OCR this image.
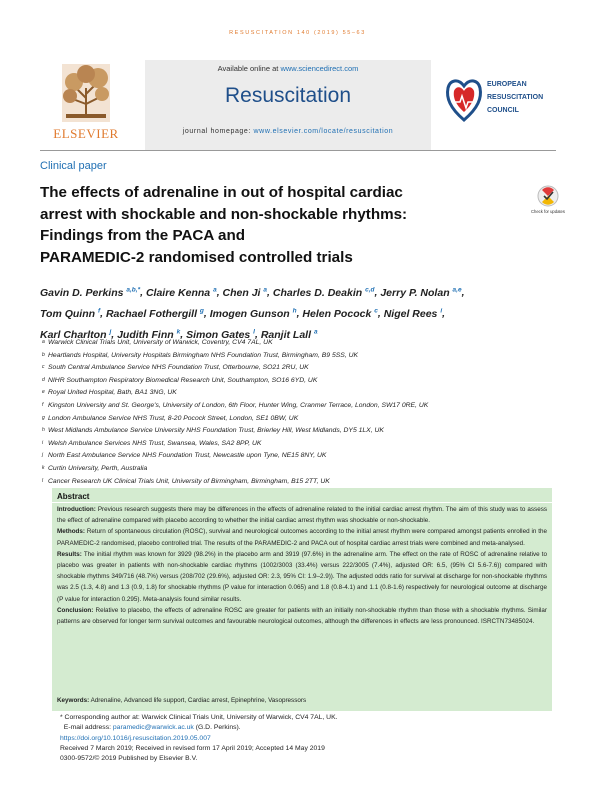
RESUSCITATION 140 (2019) 55–63
ELSEVIER
Available online at www.sciencedirect.com
Resuscitation
journal homepage: www.elsevier.com/locate/resuscitation
EUROPEAN
RESUSCITATION
COUNCIL
Clinical paper
The effects of adrenaline in out of hospital cardiac
arrest with shockable and non-shockable rhythms:
Findings from the PACA and
PARAMEDIC-2 randomised controlled trials
Check for updates
Gavin D. Perkins $^{a,b,*}$, Claire Kenna $^a$, Chen Ji $^a$, Charles D. Deakin $^{c,d}$, Jerry P. Nolan $^{a,e}$,
Tom Quinn $^f$, Rachael Fothergill $^g$, Imogen Gunson $^h$, Helen Pocock $^c$, Nigel Rees $^i$,
Karl Charlton $^j$, Judith Finn $^k$, Simon Gates $^l$, Ranjit Lall $^a$
a Warwick Clinical Trials Unit, University of Warwick, Coventry, CV4 7AL, UK
b Heartlands Hospital, University Hospitals Birmingham NHS Foundation Trust, Birmingham, B9 5SS, UK
c South Central Ambulance Service NHS Foundation Trust, Otterbourne, SO21 2RU, UK
d NIHR Southampton Respiratory Biomedical Research Unit, Southampton, SO16 6YD, UK
e Royal United Hospital, Bath, BA1 3NG, UK
f Kingston University and St. George's, University of London, 6th Floor, Hunter Wing, Cranmer Terrace, London, SW17 0RE, UK
g London Ambulance Service NHS Trust, 8-20 Pocock Street, London, SE1 0BW, UK
h West Midlands Ambulance Service University NHS Foundation Trust, Brierley Hill, West Midlands, DY5 1LX, UK
i Welsh Ambulance Services NHS Trust, Swansea, Wales, SA2 8PP, UK
j North East Ambulance Service NHS Foundation Trust, Newcastle upon Tyne, NE15 8NY, UK
k Curtin University, Perth, Australia
l Cancer Research UK Clinical Trials Unit, University of Birmingham, Birmingham, B15 2TT, UK
Abstract
Introduction: Previous research suggests there may be differences in the effects of adrenaline related to the initial cardiac arrest rhythm. The aim of this study was to assess the effect of adrenaline compared with placebo according to whether the initial cardiac arrest rhythm was shockable or non-shockable.
Methods: Return of spontaneous circulation (ROSC), survival and neurological outcomes according to the initial arrest rhythm were compared amongst patients enrolled in the PARAMEDIC-2 randomised, placebo controlled trial. The results of the PARAMEDIC-2 and PACA out of hospital cardiac arrest trials were combined and meta-analysed.
Results: The initial rhythm was known for 3929 (98.2%) in the placebo arm and 3919 (97.6%) in the adrenaline arm. The effect on the rate of ROSC of adrenaline relative to placebo was greater in patients with non-shockable cardiac rhythms (1002/3003 (33.4%) versus 222/3005 (7.4%), adjusted OR: 6.5, (95% CI 5.6-7.6)) compared with shockable rhythms 349/716 (48.7%) versus (208/702 (29.6%), adjusted OR: 2.3, 95% CI: 1.9–2.9)). The adjusted odds ratio for survival at discharge for non-shockable rhythms was 2.5 (1.3, 4.8) and 1.3 (0.9, 1.8) for shockable rhythms (P value for interaction 0.065) and 1.8 (0.8-4.1) and 1.1 (0.8-1.6) respectively for neurological outcome at discharge (P value for interaction 0.295). Meta-analysis found similar results.
Conclusion: Relative to placebo, the effects of adrenaline ROSC are greater for patients with an initially non-shockable rhythm than those with a shockable rhythms. Similar patterns are observed for longer term survival outcomes and favourable neurological outcomes, although the differences in effects are less pronounced. ISRCTN73485024.
Keywords: Adrenaline, Advanced life support, Cardiac arrest, Epinephrine, Vasopressors
* Corresponding author at: Warwick Clinical Trials Unit, University of Warwick, CV4 7AL, UK.
E-mail address: paramedic@warwick.ac.uk (G.D. Perkins).
https://doi.org/10.1016/j.resuscitation.2019.05.007
Received 7 March 2019; Received in revised form 17 April 2019; Accepted 14 May 2019
0300-9572/© 2019 Published by Elsevier B.V.
